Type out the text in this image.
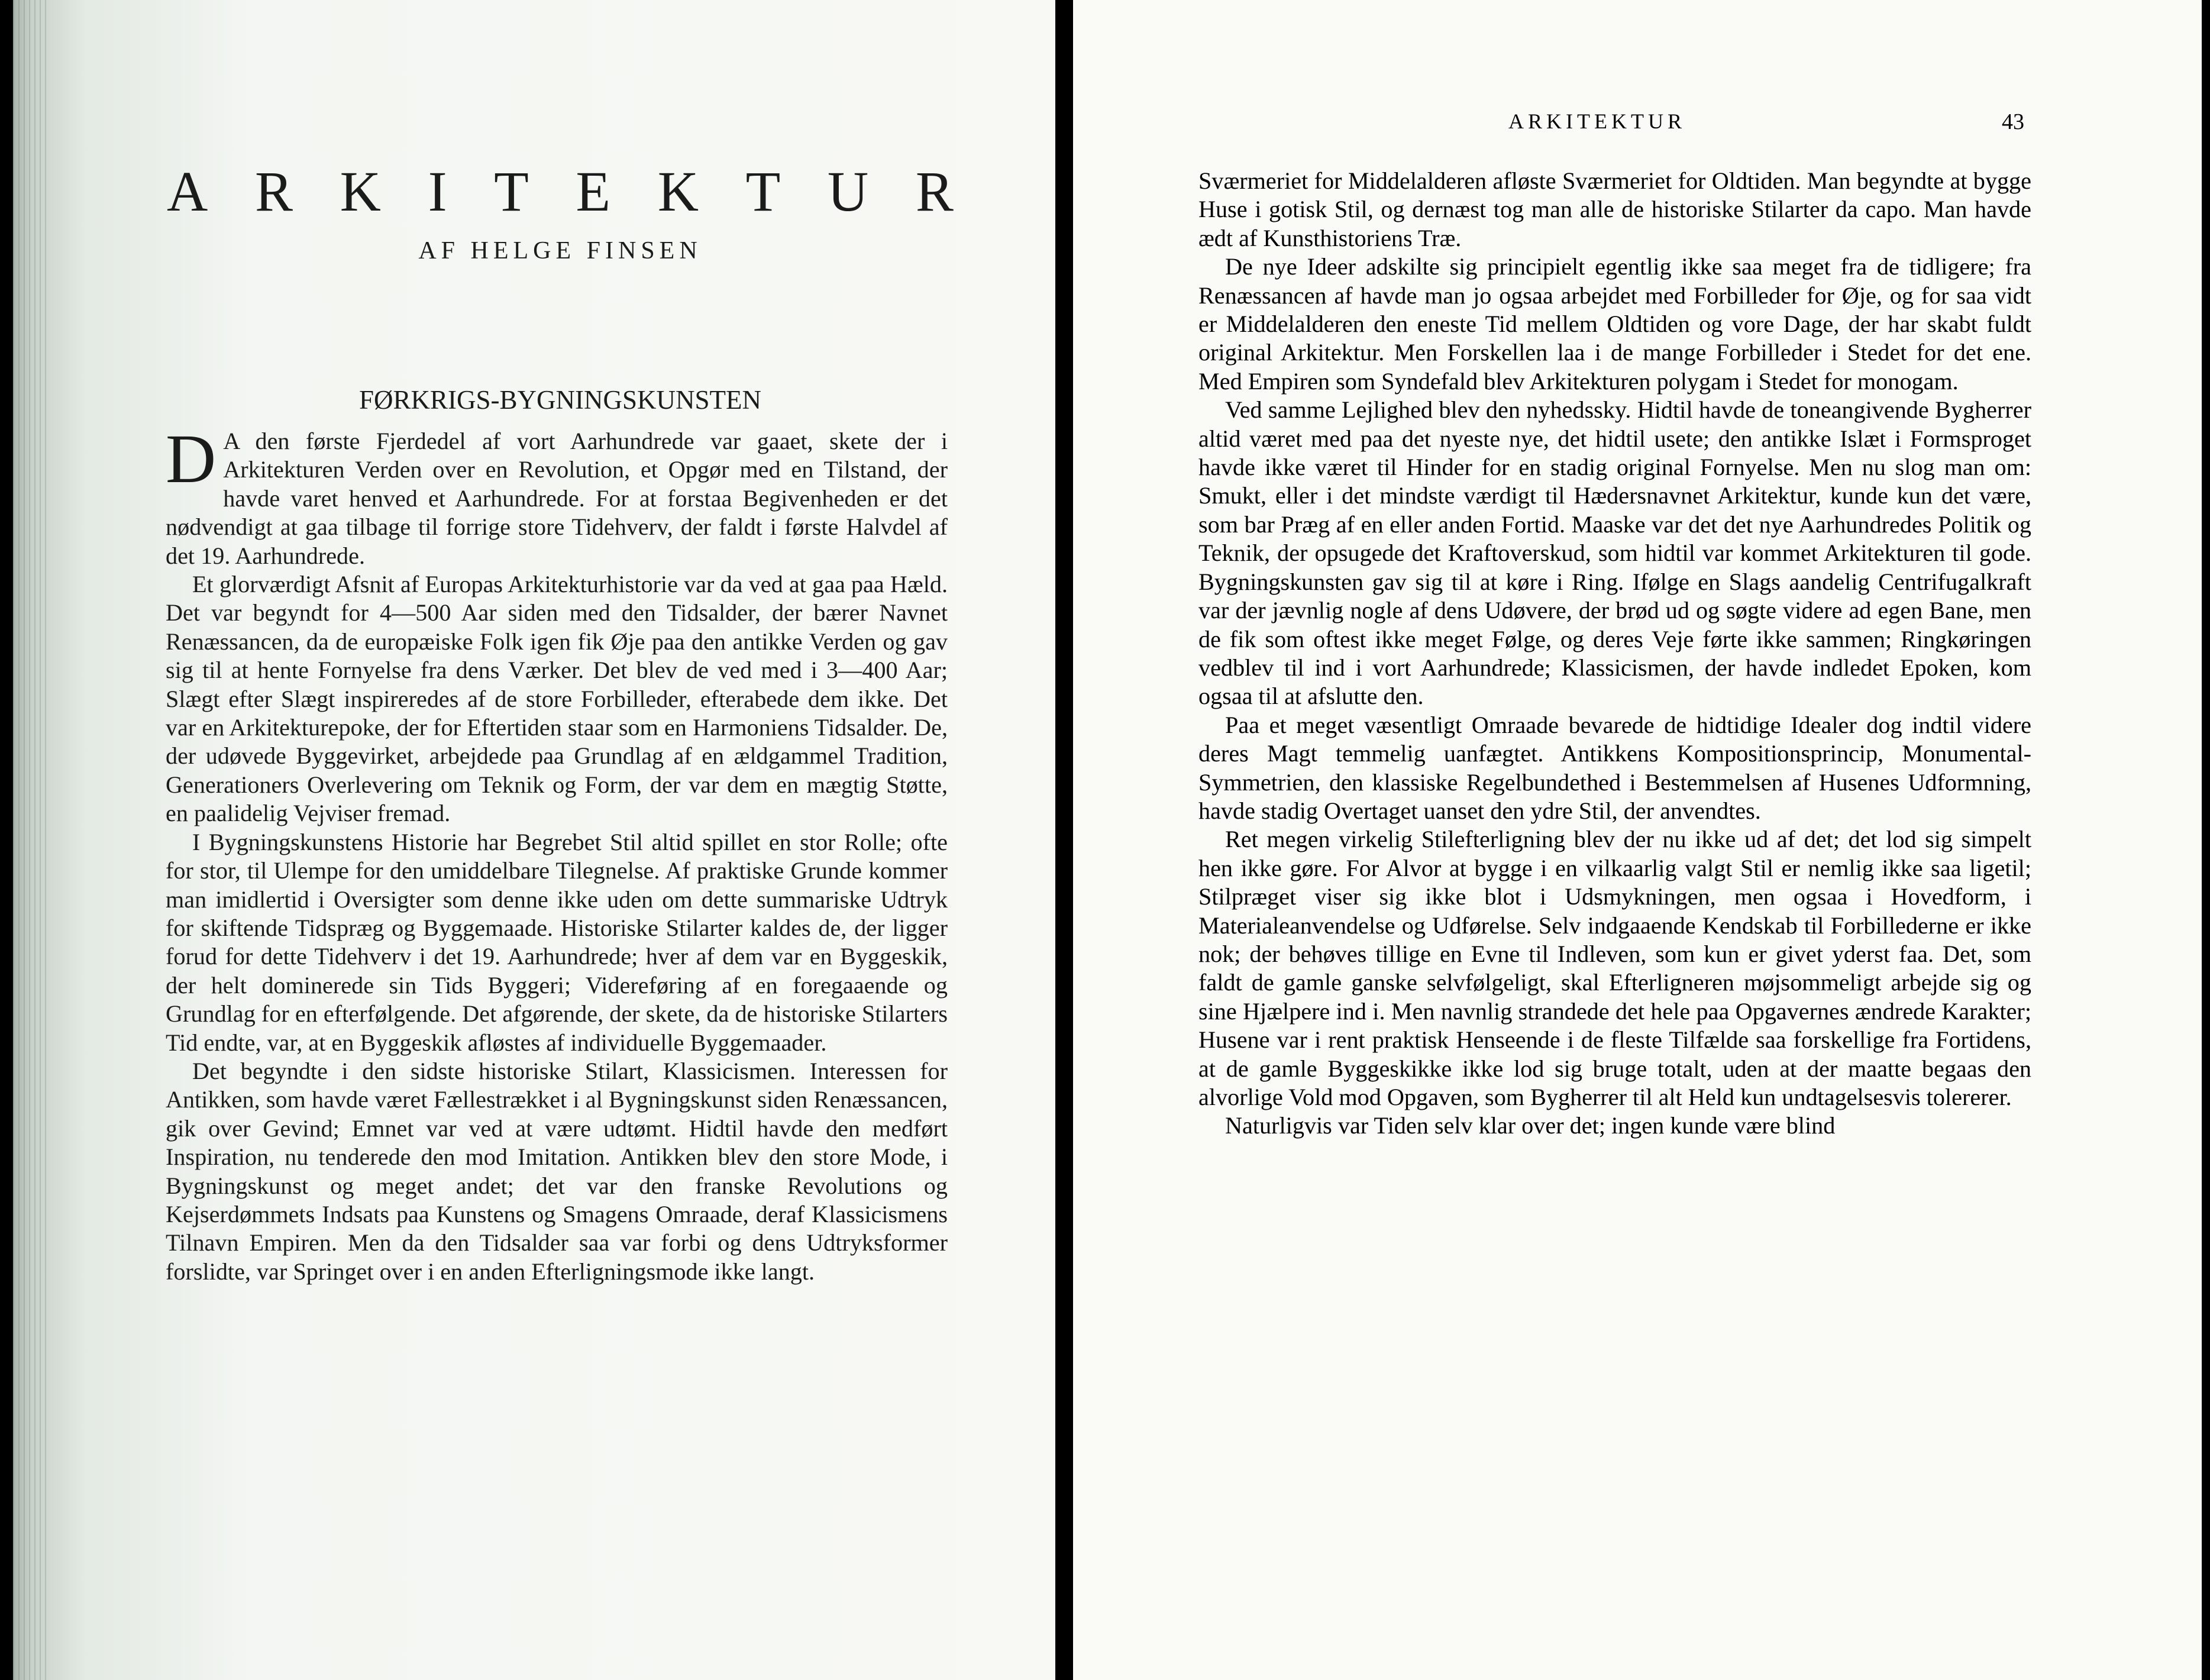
A R K I T E K T U R
AF HELGE FINSEN
FØRKRIGS-BYGNINGSKUNSTEN

D A den første Fjerdedel af vort Aarhundrede var gaaet, skete der i Arkitekturen Verden over en Revolution, et Opgør med en Tilstand, der havde varet henved et Aarhundrede. For at forstaa Begivenheden er det nødvendigt at gaa tilbage til forrige store Tidehverv, der faldt i første Halvdel af det 19. Aarhundrede.

Et glorværdigt Afsnit af Europas Arkitekturhistorie var da ved at gaa paa Hæld. Det var begyndt for 4—500 Aar siden med den Tidsalder, der bærer Navnet Renæssancen, da de europæiske Folk igen fik Øje paa den antikke Verden og gav sig til at hente Fornyelse fra dens Værker. Det blev de ved med i 3—400 Aar; Slægt efter Slægt inspireredes af de store Forbilleder, efterabede dem ikke. Det var en Arkitekturepoke, der for Eftertiden staar som en Harmoniens Tidsalder. De, der udøvede Byggevirket, arbejdede paa Grundlag af en ældgammel Tradition, Generationers Overlevering om Teknik og Form, der var dem en mægtig Støtte, en paalidelig Vejviser fremad.

I Bygningskunstens Historie har Begrebet Stil altid spillet en stor Rolle; ofte for stor, til Ulempe for den umiddelbare Tilegnelse. Af praktiske Grunde kommer man imidlertid i Oversigter som denne ikke uden om dette summariske Udtryk for skiftende Tidspræg og Byggemaade. Historiske Stilarter kaldes de, der ligger forud for dette Tidehverv i det 19. Aarhundrede; hver af dem var en Byggeskik, der helt dominerede sin Tids Byggeri; Videreføring af en foregaaende og Grundlag for en efterfølgende. Det afgørende, der skete, da de historiske Stilarters Tid endte, var, at en Byggeskik afløstes af individuelle Byggemaader.

Det begyndte i den sidste historiske Stilart, Klassicismen. Interessen for Antikken, som havde været Fællestrækket i al Bygningskunst siden Renæssancen, gik over Gevind; Emnet var ved at være udtømt. Hidtil havde den medført Inspiration, nu tenderede den mod Imitation. Antikken blev den store Mode, i Bygningskunst og meget andet; det var den franske Revolutions og Kejserdømmets Indsats paa Kunstens og Smagens Omraade, deraf Klassicismens Tilnavn Empiren. Men da den Tidsalder saa var forbi og dens Udtryksformer forslidte, var Springet over i en anden Efterligningsmode ikke langt.

ARKITEKTUR	43

Sværmeriet for Middelalderen afløste Sværmeriet for Oldtiden. Man begyndte at bygge Huse i gotisk Stil, og dernæst tog man alle de historiske Stilarter da capo. Man havde ædt af Kunsthistoriens Træ.

De nye Ideer adskilte sig principielt egentlig ikke saa meget fra de tidligere; fra Renæssancen af havde man jo ogsaa arbejdet med Forbilleder for Øje, og for saa vidt er Middelalderen den eneste Tid mellem Oldtiden og vore Dage, der har skabt fuldt original Arkitektur. Men Forskellen laa i de mange Forbilleder i Stedet for det ene. Med Empiren som Syndefald blev Arkitekturen polygam i Stedet for monogam.

Ved samme Lejlighed blev den nyhedssky. Hidtil havde de toneangivende Bygherrer altid været med paa det nyeste nye, det hidtil usete; den antikke Islæt i Formsproget havde ikke været til Hinder for en stadig original Fornyelse. Men nu slog man om: Smukt, eller i det mindste værdigt til Hædersnavnet Arkitektur, kunde kun det være, som bar Præg af en eller anden Fortid. Maaske var det det nye Aarhundredes Politik og Teknik, der opsugede det Kraftoverskud, som hidtil var kommet Arkitekturen til gode. Bygningskunsten gav sig til at køre i Ring. Ifølge en Slags aandelig Centrifugalkraft var der jævnlig nogle af dens Udøvere, der brød ud og søgte videre ad egen Bane, men de fik som oftest ikke meget Følge, og deres Veje førte ikke sammen; Ringkøringen vedblev til ind i vort Aarhundrede; Klassicismen, der havde indledet Epoken, kom ogsaa til at afslutte den.

Paa et meget væsentligt Omraade bevarede de hidtidige Idealer dog indtil videre deres Magt temmelig uanfægtet. Antikkens Kompositionsprincip, Monumental-Symmetrien, den klassiske Regelbundethed i Bestemmelsen af Husenes Udformning, havde stadig Overtaget uanset den ydre Stil, der anvendtes.

Ret megen virkelig Stilefterligning blev der nu ikke ud af det; det lod sig simpelt hen ikke gøre. For Alvor at bygge i en vilkaarlig valgt Stil er nemlig ikke saa ligetil; Stilpræget viser sig ikke blot i Udsmykningen, men ogsaa i Hovedform, i Materialeanvendelse og Udførelse. Selv indgaaende Kendskab til Forbillederne er ikke nok; der behøves tillige en Evne til Indleven, som kun er givet yderst faa. Det, som faldt de gamle ganske selvfølgeligt, skal Efterligneren møjsommeligt arbejde sig og sine Hjælpere ind i. Men navnlig strandede det hele paa Opgavernes ændrede Karakter; Husene var i rent praktisk Henseende i de fleste Tilfælde saa forskellige fra Fortidens, at de gamle Byggeskikke ikke lod sig bruge totalt, uden at der maatte begaas den alvorlige Vold mod Opgaven, som Bygherrer til alt Held kun undtagelsesvis tolererer.

Naturligvis var Tiden selv klar over det; ingen kunde være blind
